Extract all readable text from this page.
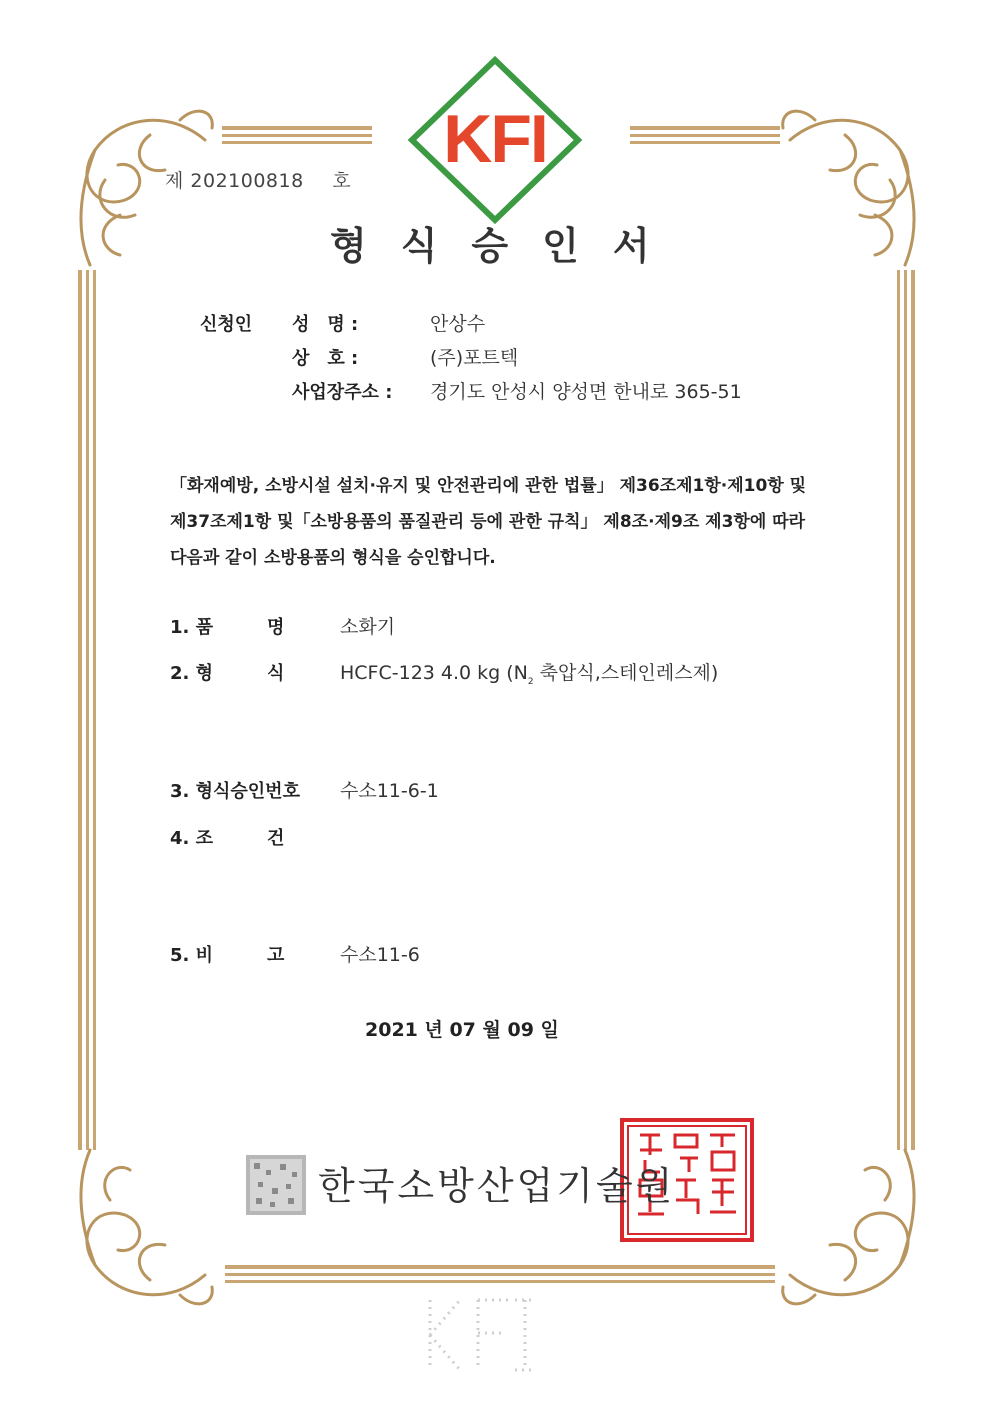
KFI
제 202100818 호
형식승인서
신청인 성　명 :	안상수
상　호 :	(주)포트텍
사업장주소 : 경기도 안성시 양성면 한내로 365-51
「화재예방, 소방시설 설치·유지 및 안전관리에 관한 법률」 제36조제1항·제10항 및
제37조제1항 및「소방용품의 품질관리 등에 관한 규칙」 제8조·제9조 제3항에 따라
다음과 같이 소방용품의 형식을 승인합니다.
1. 품　　　명	소화기
2. 형　　　식	HCFC-123 4.0 kg ($N_2$ 축압식,스테인레스제)
3. 형식승인번호 수소11-6-1
4. 조　　　건
5. 비　　　고	수소11-6
2021 년 07 월 09 일
한국소방산업기술원
